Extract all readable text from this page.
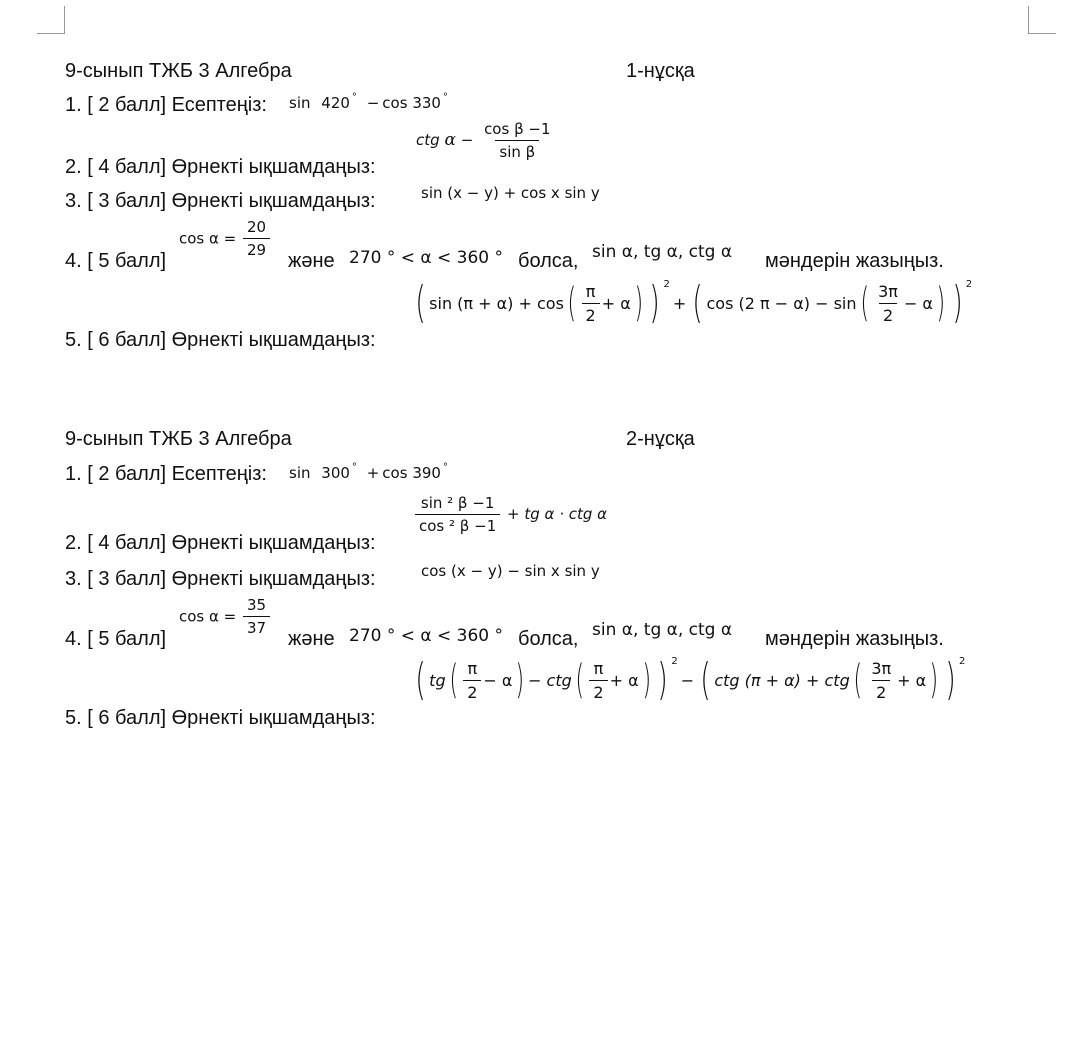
9-сынып ТЖБ 3 Алгебра	1-нұсқа
1. [ 2 балл] Есептеңіз: sin 420 ° − cos 330 °
2. [ 4 балл] Өрнекті ықшамдаңыз:
ctg $\alpha - \frac{\text{cos β −1}}{\text{sin β}}$
3. [ 3 балл] Өрнекті ықшамдаңыз:	sin (x − y) + cos x sin y
4. [ 5 балл]
$\cos \alpha = \frac{20}{29}$
және 270 ° < α < 360 ° болса, sin α, tg α, ctg α мәндерін жазыңыз.
5. [ 6 балл] Өрнекті ықшамдаңыз:
( sin (π + α) + cos ( $\frac{\pi}{2} + \alpha$ ) ) 2
+ ( cos (2 π − α) − sin ( $\frac{3\pi}{2} - \alpha$ ) ) 2
9-сынып ТЖБ 3 Алгебра	2-нұсқа
1. [ 2 балл] Есептеңіз: sin 300 ° + cos 390 °
2. [ 4 балл] Өрнекті ықшамдаңыз:
$\frac{\text{sin ² β −1}}{\text{cos ² β −1}}$ + tg α · ctg α
3. [ 3 балл] Өрнекті ықшамдаңыз:	cos (x − y) − sin x sin y
4. [ 5 балл]
$\cos \alpha = \frac{35}{37}$
және 270 ° < α < 360 ° болса, sin α, tg α, ctg α мәндерін жазыңыз.
5. [ 6 балл] Өрнекті ықшамдаңыз:
( tg ( $\frac{\pi}{2} - \alpha$ ) − ctg ( $\frac{\pi}{2} + \alpha$ ) ) 2
− ( ctg (π + α) + ctg ( $\frac{3\pi}{2} + \alpha$ ) ) 2
